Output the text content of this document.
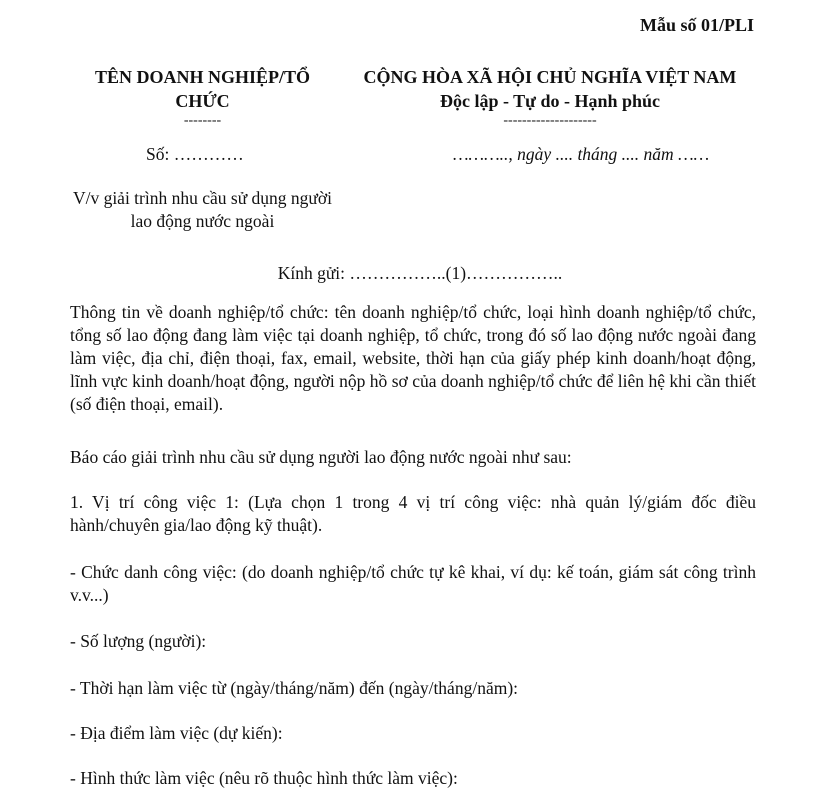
Mẫu số 01/PLI
TÊN DOANH NGHIỆP/TỔ
CHỨC
--------
CỘNG HÒA XÃ HỘI CHỦ NGHĨA VIỆT NAM
Độc lập - Tự do - Hạnh phúc
--------------------
Số: …………	……….., ngày .... tháng .... năm ……
V/v giải trình nhu cầu sử dụng người lao động nước ngoài
Kính gửi: ……………..(1)……………..

Thông tin về doanh nghiệp/tổ chức: tên doanh nghiệp/tổ chức, loại hình doanh nghiệp/tổ chức, tổng số lao động đang làm việc tại doanh nghiệp, tổ chức, trong đó số lao động nước ngoài đang làm việc, địa chỉ, điện thoại, fax, email, website, thời hạn của giấy phép kinh doanh/hoạt động, lĩnh vực kinh doanh/hoạt động, người nộp hồ sơ của doanh nghiệp/tổ chức để liên hệ khi cần thiết (số điện thoại, email).

Báo cáo giải trình nhu cầu sử dụng người lao động nước ngoài như sau:

1. Vị trí công việc 1: (Lựa chọn 1 trong 4 vị trí công việc: nhà quản lý/giám đốc điều hành/chuyên gia/lao động kỹ thuật).

- Chức danh công việc: (do doanh nghiệp/tổ chức tự kê khai, ví dụ: kế toán, giám sát công trình v.v...)

- Số lượng (người):

- Thời hạn làm việc từ (ngày/tháng/năm) đến (ngày/tháng/năm):

- Địa điểm làm việc (dự kiến):

- Hình thức làm việc (nêu rõ thuộc hình thức làm việc):
